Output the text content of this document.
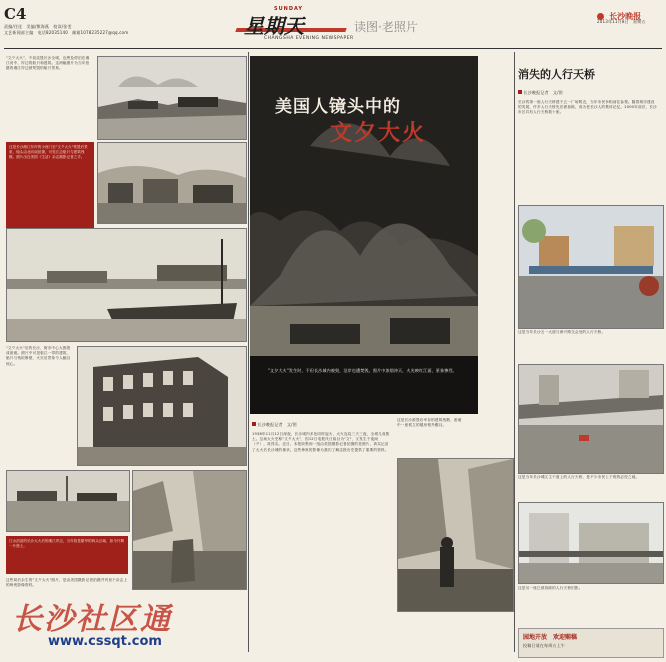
C4
责编/任佳　美编/熊海燕　校读/张雯
文艺新闻部主编　电话82035140　邮箱1078235227@qq.com
SUNDAY
星期天	读图·老照片
CHANGSHA EVENING NEWSPAPER
长沙晚报
2013年11月8日　星期五
"文夕大火"，不但烧毁长沙全城，也殃及停泊在湘江河中、岸边的船只和建筑。这两幅照片为当年拍摄的湘江岸边被焚毁的船只景象。
这是长沙湘江东岸的小西门至"文夕大火"焚毁后景象，镜头由北向南拍摄，可见江边船只与建筑残骸。照片出自美国《生活》杂志摄影记者之手。
"文夕大火"后的长沙，街市中心大都毁成废墟。照片中可见临江一带的建筑、船只与残垣断壁，火灾后景象令人触目惊心。
江水滔滔的长沙大火后的湘江岸边，当年曾是繁华的码头区域，如今只剩一片焦土。
这些劫后余生的"文夕大火"照片，是由美国摄影记者拍摄并刊登于杂志上的珍贵影像资料。
美国人镜头中的
文夕大火
"文夕大火"发生时，不但长沙城内被毁，沿岸也遭焚毁。照片中浓烟冲天，火光映红江面，景象惨烈。
长沙晚报记者　文/图
1938年11月12日深夜，长沙城内多处同时起火，大火连烧三天三夜，全城几成焦土。这场大火史称"文夕大火"，因12日电报代日韵目为"文"，又发生于夜间（夕），故得名。近日，本报收集到一组由美国摄影记者拍摄的老照片，真实记录了大火后长沙城的惨状。这些珍贵的影像为我们了解这段历史提供了重要的资料。
这是长沙被毁后幸存的建筑残骸，废墟中一座孤立的楼房格外醒目。
消失的人行天桥
长沙晚报记者　文/图
长沙的第一座人行天桥建于五一广场附近，当年市民争相前往参观。随着城市建设的发展，许多人行天桥先后被拆除，成为老长沙人的集体记忆。2000年前后，长沙市区共有人行天桥数十座。
这是当年长沙五一大道与黄兴路交会处的人行天桥。
这是当年长沙城区主干道上的人行天桥，是不少市民上下班的必经之地。
这是另一座已被拆除的人行天桥旧影。
园地开放　欢迎赐稿
投稿日请在每周五上午
长沙社区通
www.cssqt.com
